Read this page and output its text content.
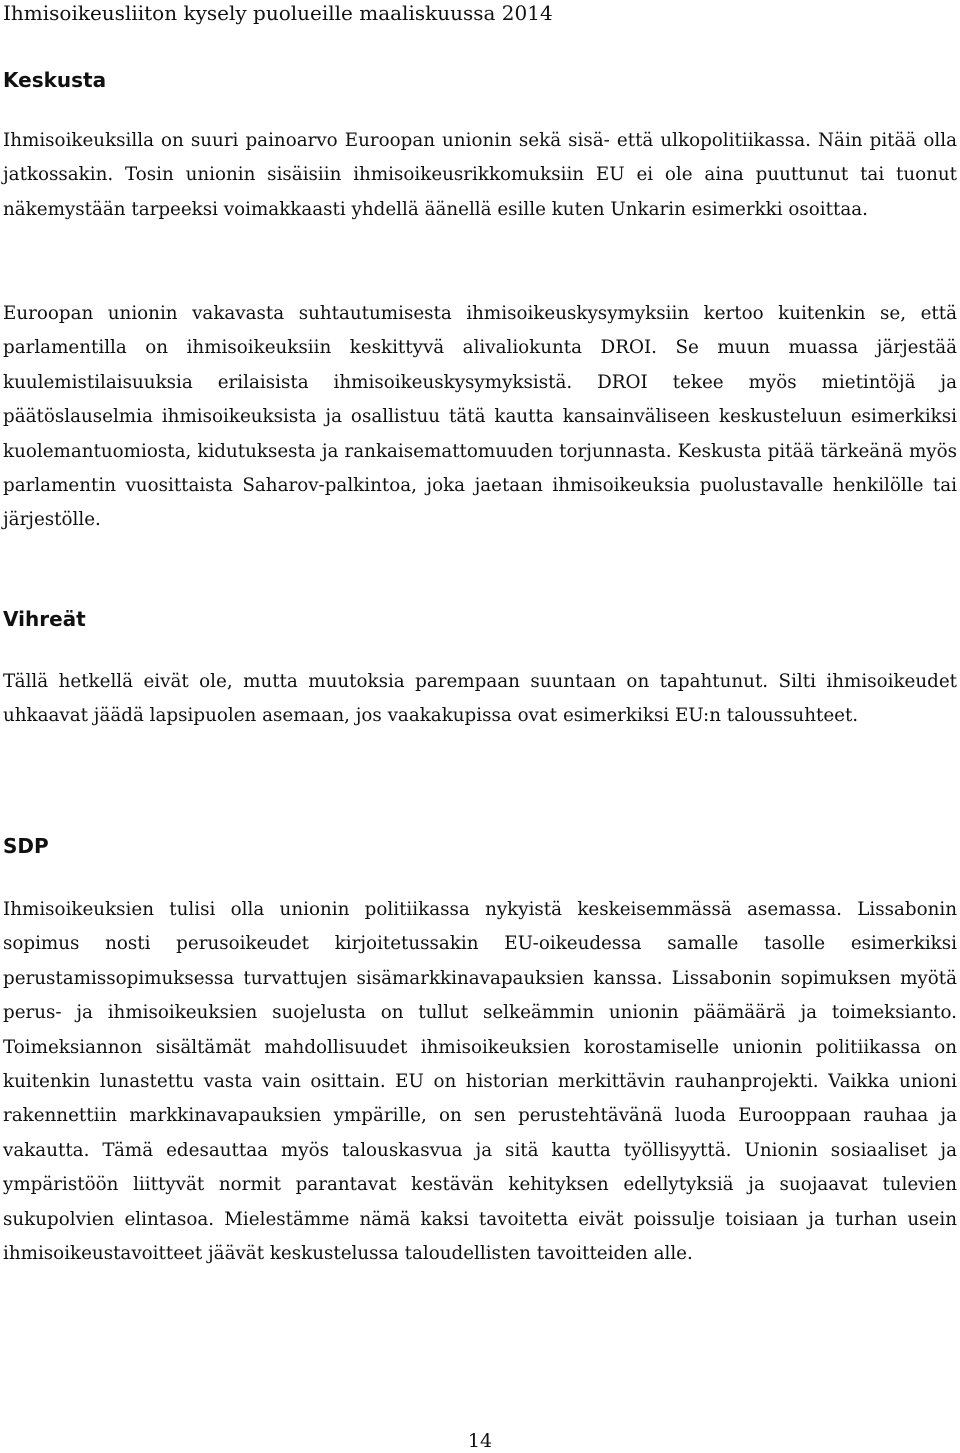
Ihmisoikeusliiton kysely puolueille maaliskuussa 2014
Keskusta

Ihmisoikeuksilla on suuri painoarvo Euroopan unionin sekä sisä- että ulkopolitiikassa. Näin pitää olla jatkossakin. Tosin unionin sisäisiin ihmisoikeusrikkomuksiin EU ei ole aina puuttunut tai tuonut näkemystään tarpeeksi voimakkaasti yhdellä äänellä esille kuten Unkarin esimerkki osoittaa.

Euroopan unionin vakavasta suhtautumisesta ihmisoikeuskysymyksiin kertoo kuitenkin se, että parlamentilla on ihmisoikeuksiin keskittyvä alivaliokunta DROI. Se muun muassa järjestää kuulemistilaisuuksia erilaisista ihmisoikeuskysymyksistä. DROI tekee myös mietintöjä ja päätöslauselmia ihmisoikeuksista ja osallistuu tätä kautta kansainväliseen keskusteluun esimerkiksi kuolemantuomiosta, kidutuksesta ja rankaisemattomuuden torjunnasta. Keskusta pitää tärkeänä myös parlamentin vuosittaista Saharov-palkintoa, joka jaetaan ihmisoikeuksia puolustavalle henkilölle tai järjestölle.

Vihreät

Tällä hetkellä eivät ole, mutta muutoksia parempaan suuntaan on tapahtunut. Silti ihmisoikeudet uhkaavat jäädä lapsipuolen asemaan, jos vaakakupissa ovat esimerkiksi EU:n taloussuhteet.

SDP

Ihmisoikeuksien tulisi olla unionin politiikassa nykyistä keskeisemmässä asemassa. Lissabonin sopimus nosti perusoikeudet kirjoitetussakin EU-oikeudessa samalle tasolle esimerkiksi perustamissopimuksessa turvattujen sisämarkkinavapauksien kanssa. Lissabonin sopimuksen myötä perus- ja ihmisoikeuksien suojelusta on tullut selkeämmin unionin päämäärä ja toimeksianto. Toimeksiannon sisältämät mahdollisuudet ihmisoikeuksien korostamiselle unionin politiikassa on kuitenkin lunastettu vasta vain osittain. EU on historian merkittävin rauhanprojekti. Vaikka unioni rakennettiin markkinavapauksien ympärille, on sen perustehtävänä luoda Eurooppaan rauhaa ja vakautta. Tämä edesauttaa myös talouskasvua ja sitä kautta työllisyyttä. Unionin sosiaaliset ja ympäristöön liittyvät normit parantavat kestävän kehityksen edellytyksiä ja suojaavat tulevien sukupolvien elintasoa. Mielestämme nämä kaksi tavoitetta eivät poissulje toisiaan ja turhan usein ihmisoikeustavoitteet jäävät keskustelussa taloudellisten tavoitteiden alle.

14
